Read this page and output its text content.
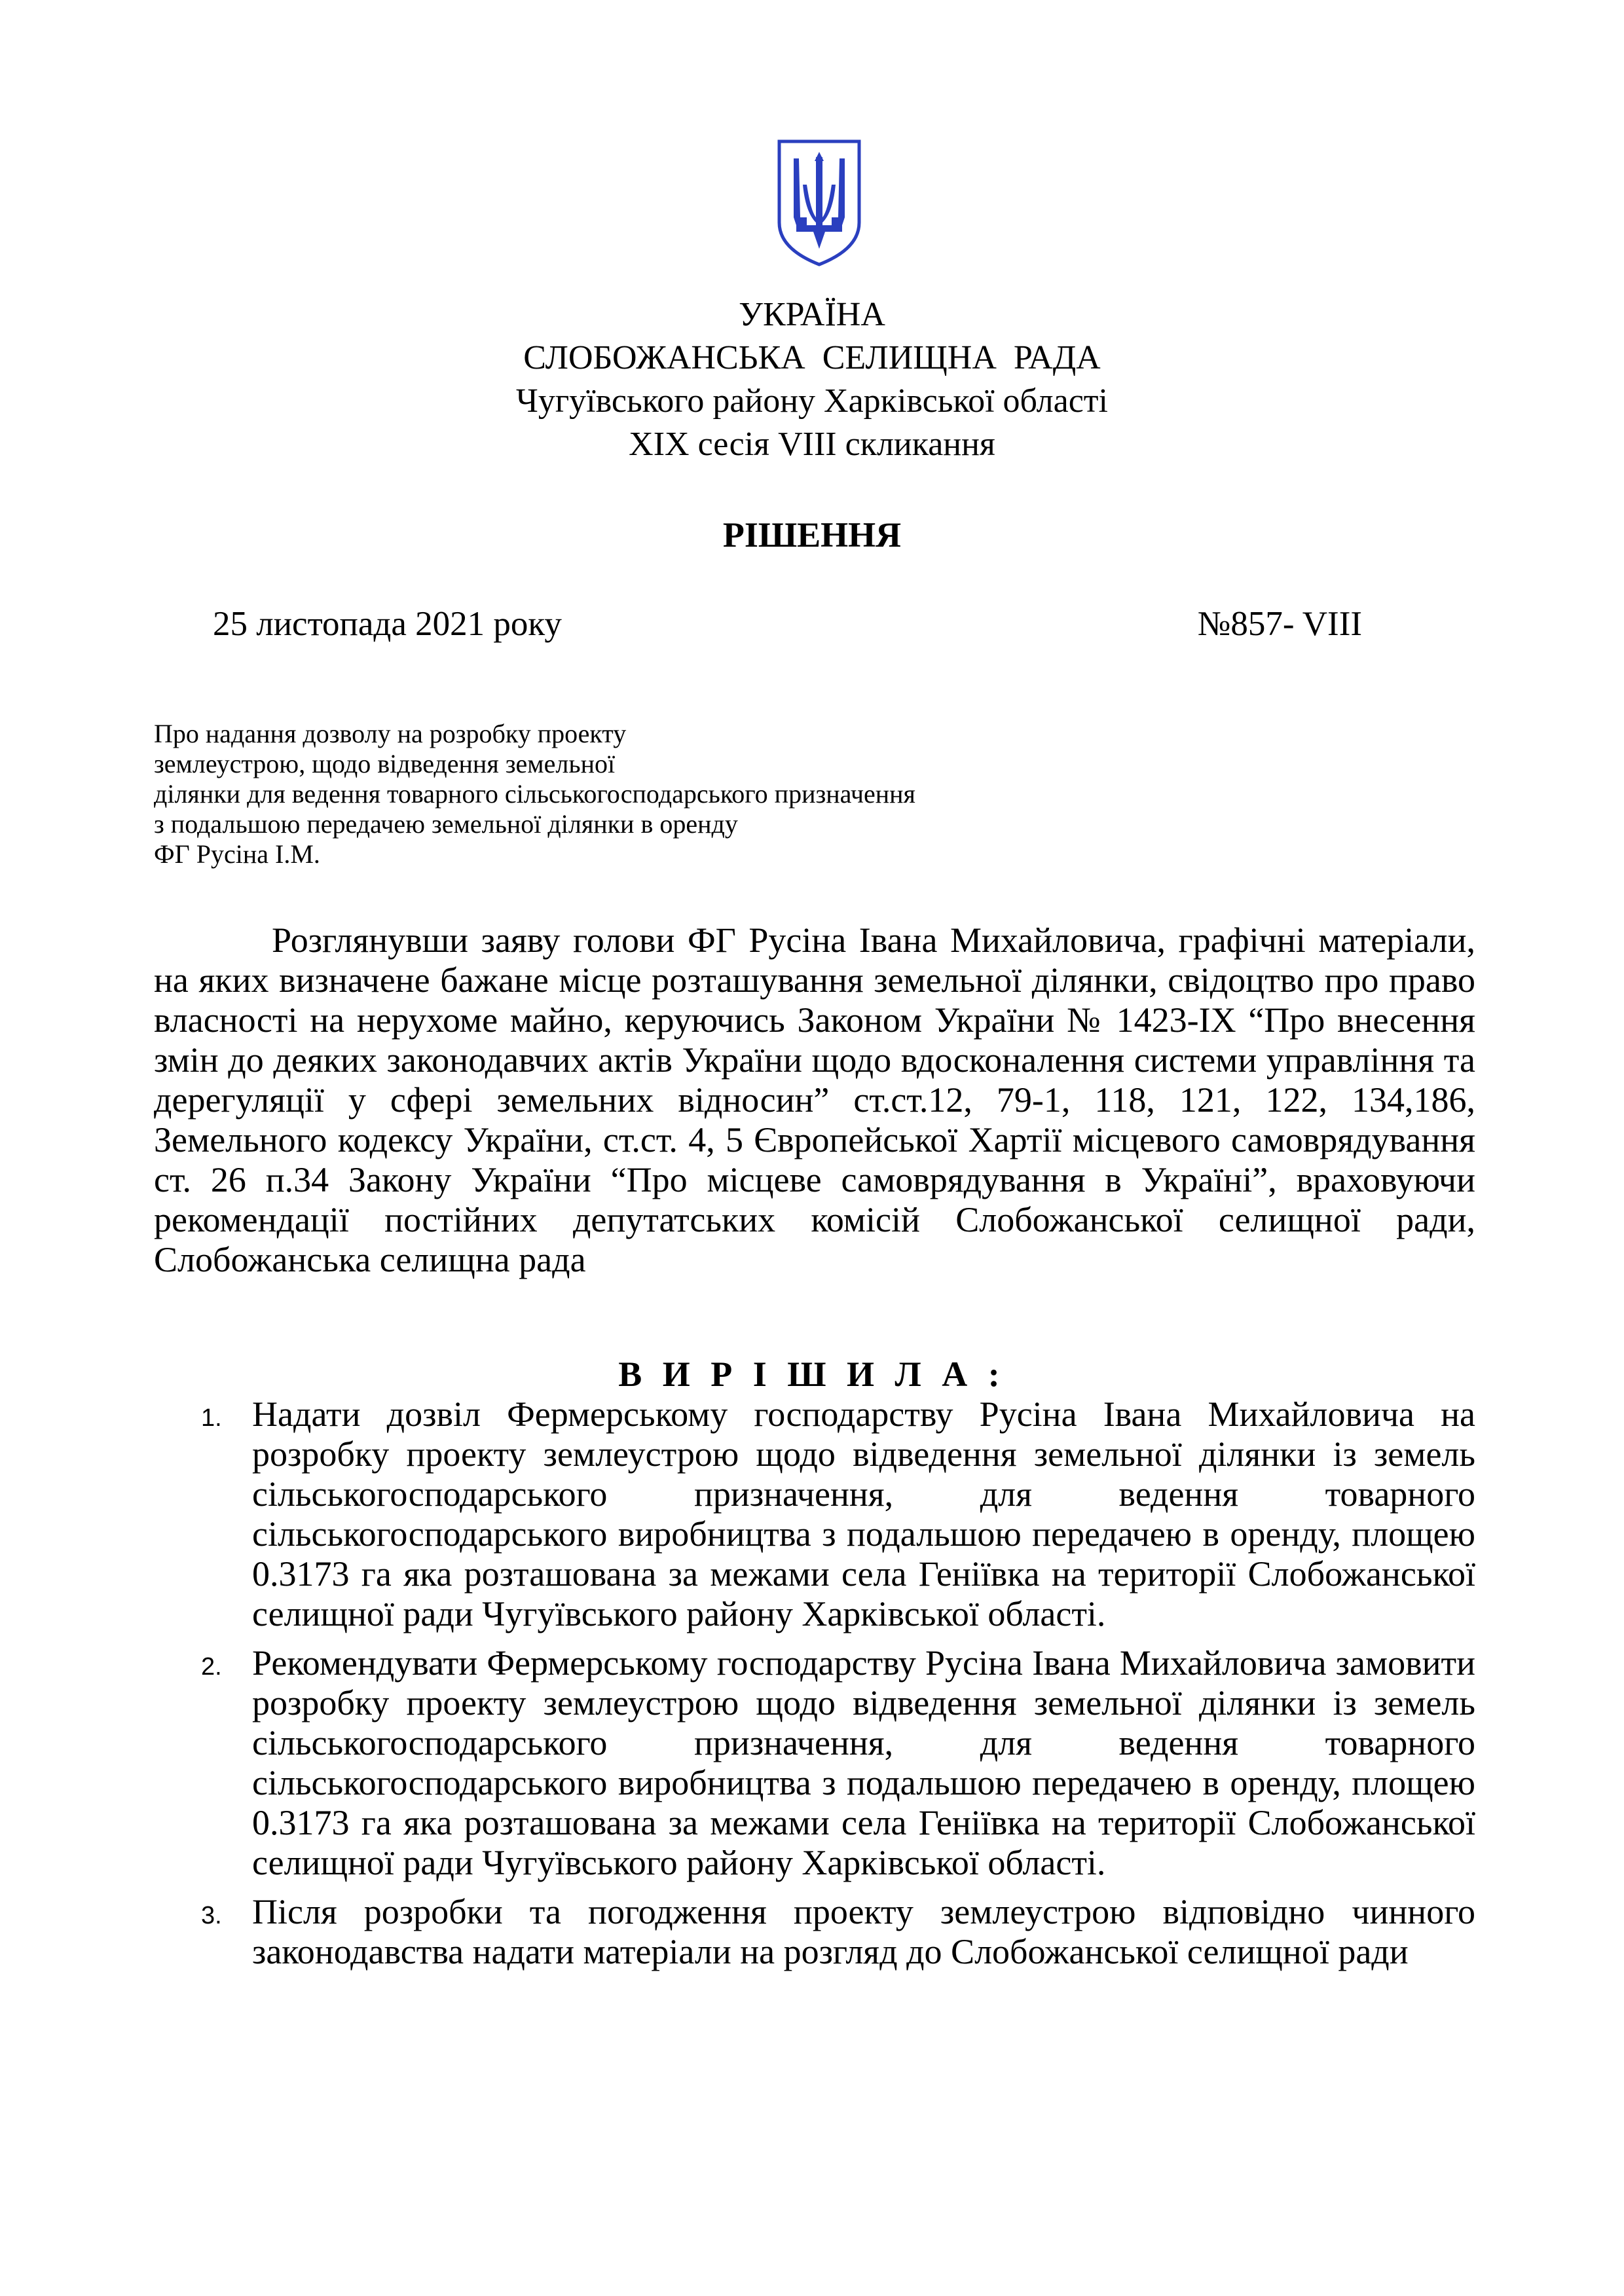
УКРАЇНА
СЛОБОЖАНСЬКА  СЕЛИЩНА  РАДА
Чугуївського району Харківської області
ХІХ сесія VIII скликання
РІШЕННЯ
25 листопада 2021 року	№857- VIII
Про надання дозволу на розробку проекту
землеустрою, щодо відведення земельної
ділянки для ведення товарного сільськогосподарського призначення
з подальшою передачею земельної ділянки в оренду
ФГ Русіна І.М.
Розглянувши заяву голови ФГ Русіна Івана Михайловича, графічні матеріали, на яких визначене бажане місце розташування земельної ділянки, свідоцтво про право власності на нерухоме майно, керуючись Законом України № 1423-IX “Про внесення змін до деяких законодавчих актів України щодо вдосконалення системи управління та дерегуляції у сфері земельних відносин” ст.ст.12, 79-1, 118, 121, 122, 134,186, Земельного кодексу України, ст.ст. 4, 5 Європейської Хартії місцевого самоврядування ст. 26 п.34 Закону України “Про місцеве самоврядування в Україні”, враховуючи рекомендації постійних депутатських комісій Слобожанської селищної ради, Слобожанська селищна рада
В И Р І Ш И Л А :
1. Надати дозвіл Фермерському господарству Русіна Івана Михайловича на розробку проекту землеустрою щодо відведення земельної ділянки із земель сільськогосподарського призначення, для ведення товарного сільськогосподарського виробництва з подальшою передачею в оренду, площею 0.3173 га яка розташована за межами села Геніївка на території Слобожанської селищної ради Чугуївського району Харківської області.
2. Рекомендувати Фермерському господарству Русіна Івана Михайловича замовити розробку проекту землеустрою щодо відведення земельної ділянки із земель сільськогосподарського призначення, для ведення товарного сільськогосподарського виробництва з подальшою передачею в оренду, площею 0.3173 га яка розташована за межами села Геніївка на території Слобожанської селищної ради Чугуївського району Харківської області.
3. Після розробки та погодження проекту землеустрою відповідно чинного законодавства надати матеріали на розгляд до Слобожанської селищної ради
